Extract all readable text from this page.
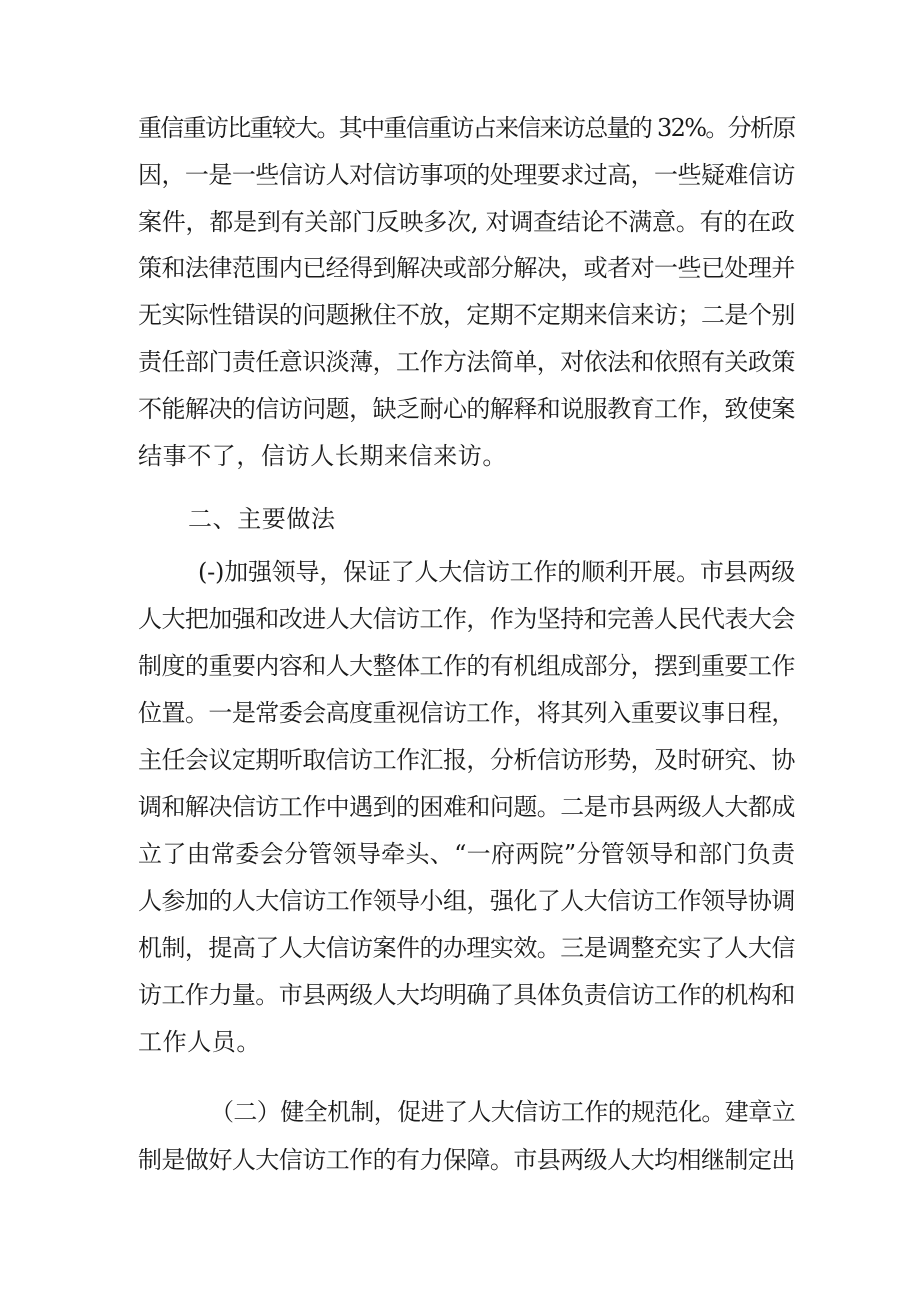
重信重访比重较大。其中重信重访占来信来访总量的 32%。分析原
因，一是一些信访人对信访事项的处理要求过高，一些疑难信访
案件，都是到有关部门反映多次, 对调查结论不满意。有的在政
策和法律范围内已经得到解决或部分解决，或者对一些已处理并
无实际性错误的问题揪住不放，定期不定期来信来访；二是个别
责任部门责任意识淡薄，工作方法简单，对依法和依照有关政策
不能解决的信访问题，缺乏耐心的解释和说服教育工作，致使案
结事不了，信访人长期来信来访。
二、主要做法
(-)加强领导，保证了人大信访工作的顺利开展。市县两级
人大把加强和改进人大信访工作，作为坚持和完善人民代表大会
制度的重要内容和人大整体工作的有机组成部分，摆到重要工作
位置。一是常委会高度重视信访工作，将其列入重要议事日程，
主任会议定期听取信访工作汇报，分析信访形势，及时研究、协
调和解决信访工作中遇到的困难和问题。二是市县两级人大都成
立了由常委会分管领导牵头、“一府两院”分管领导和部门负责
人参加的人大信访工作领导小组，强化了人大信访工作领导协调
机制，提高了人大信访案件的办理实效。三是调整充实了人大信
访工作力量。市县两级人大均明确了具体负责信访工作的机构和
工作人员。
（二）健全机制，促进了人大信访工作的规范化。建章立
制是做好人大信访工作的有力保障。市县两级人大均相继制定出
